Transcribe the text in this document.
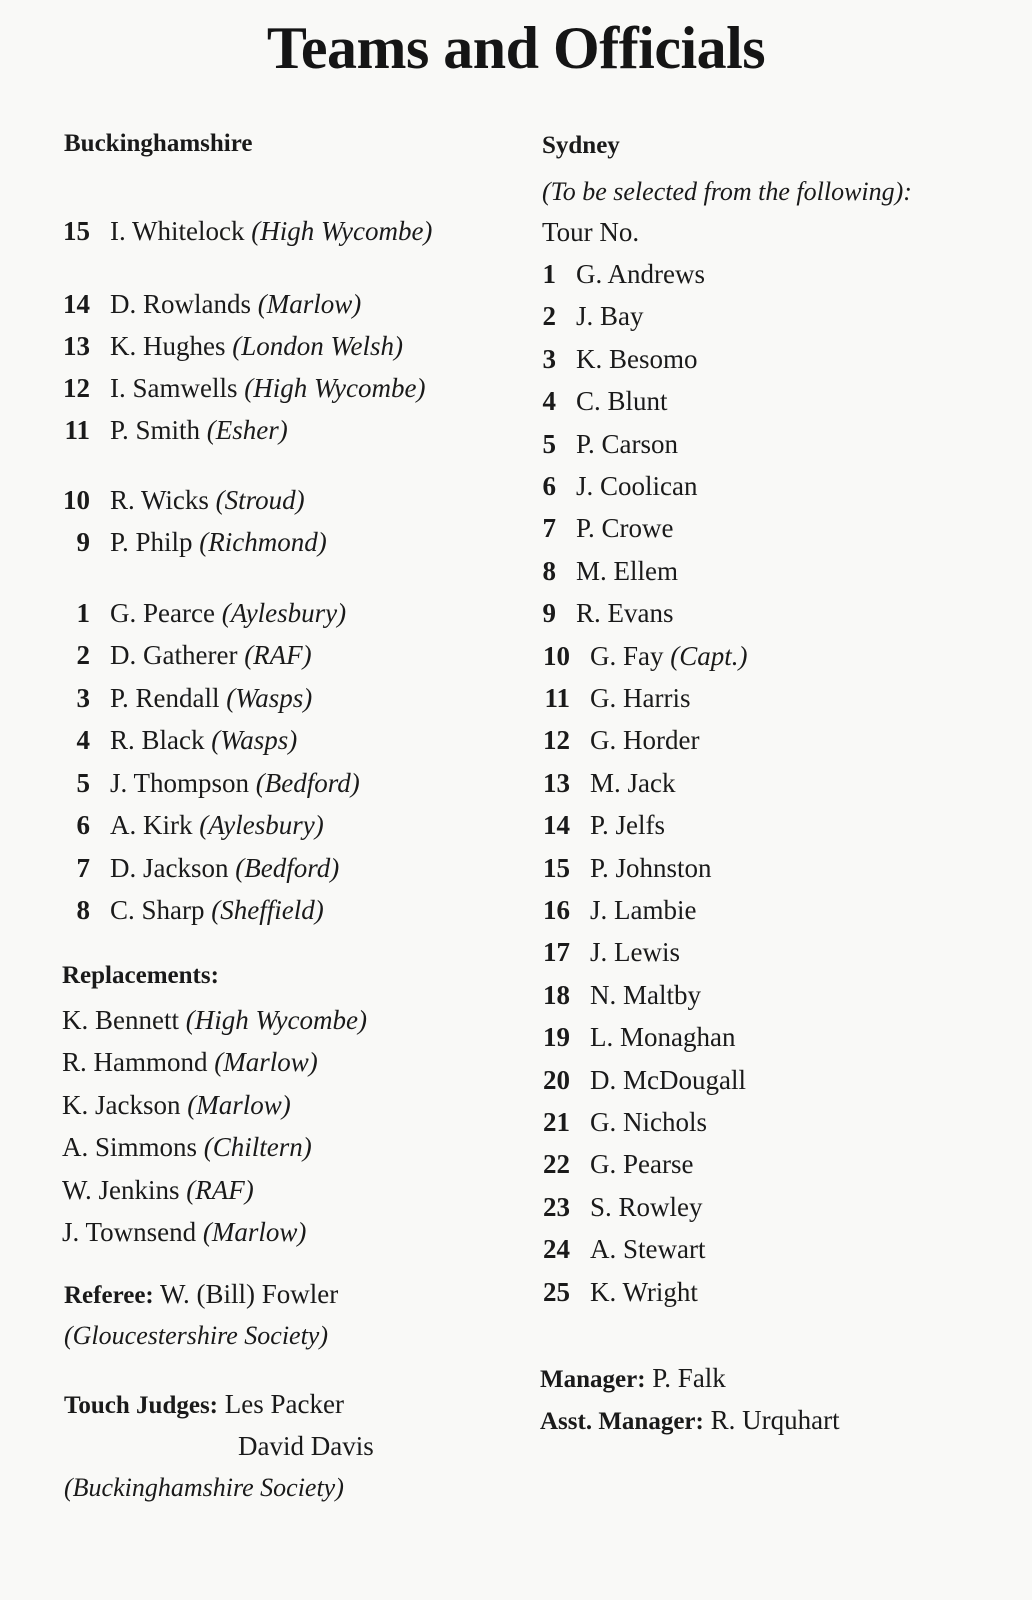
Teams and Officials
Buckinghamshire
15 I. Whitelock (High Wycombe)
14 D. Rowlands (Marlow)
13 K. Hughes (London Welsh)
12 I. Samwells (High Wycombe)
11 P. Smith (Esher)
10 R. Wicks (Stroud)
9 P. Philp (Richmond)
1 G. Pearce (Aylesbury)
2 D. Gatherer (RAF)
3 P. Rendall (Wasps)
4 R. Black (Wasps)
5 J. Thompson (Bedford)
6 A. Kirk (Aylesbury)
7 D. Jackson (Bedford)
8 C. Sharp (Sheffield)
Replacements:
K. Bennett (High Wycombe)
R. Hammond (Marlow)
K. Jackson (Marlow)
A. Simmons (Chiltern)
W. Jenkins (RAF)
J. Townsend (Marlow)
Referee: W. (Bill) Fowler
(Gloucestershire Society)
Touch Judges: Les Packer
David Davis
(Buckinghamshire Society)
Sydney
(To be selected from the following):
Tour No.
1 G. Andrews
2 J. Bay
3 K. Besomo
4 C. Blunt
5 P. Carson
6 J. Coolican
7 P. Crowe
8 M. Ellem
9 R. Evans
10 G. Fay (Capt.)
11 G. Harris
12 G. Horder
13 M. Jack
14 P. Jelfs
15 P. Johnston
16 J. Lambie
17 J. Lewis
18 N. Maltby
19 L. Monaghan
20 D. McDougall
21 G. Nichols
22 G. Pearse
23 S. Rowley
24 A. Stewart
25 K. Wright
Manager: P. Falk
Asst. Manager: R. Urquhart
